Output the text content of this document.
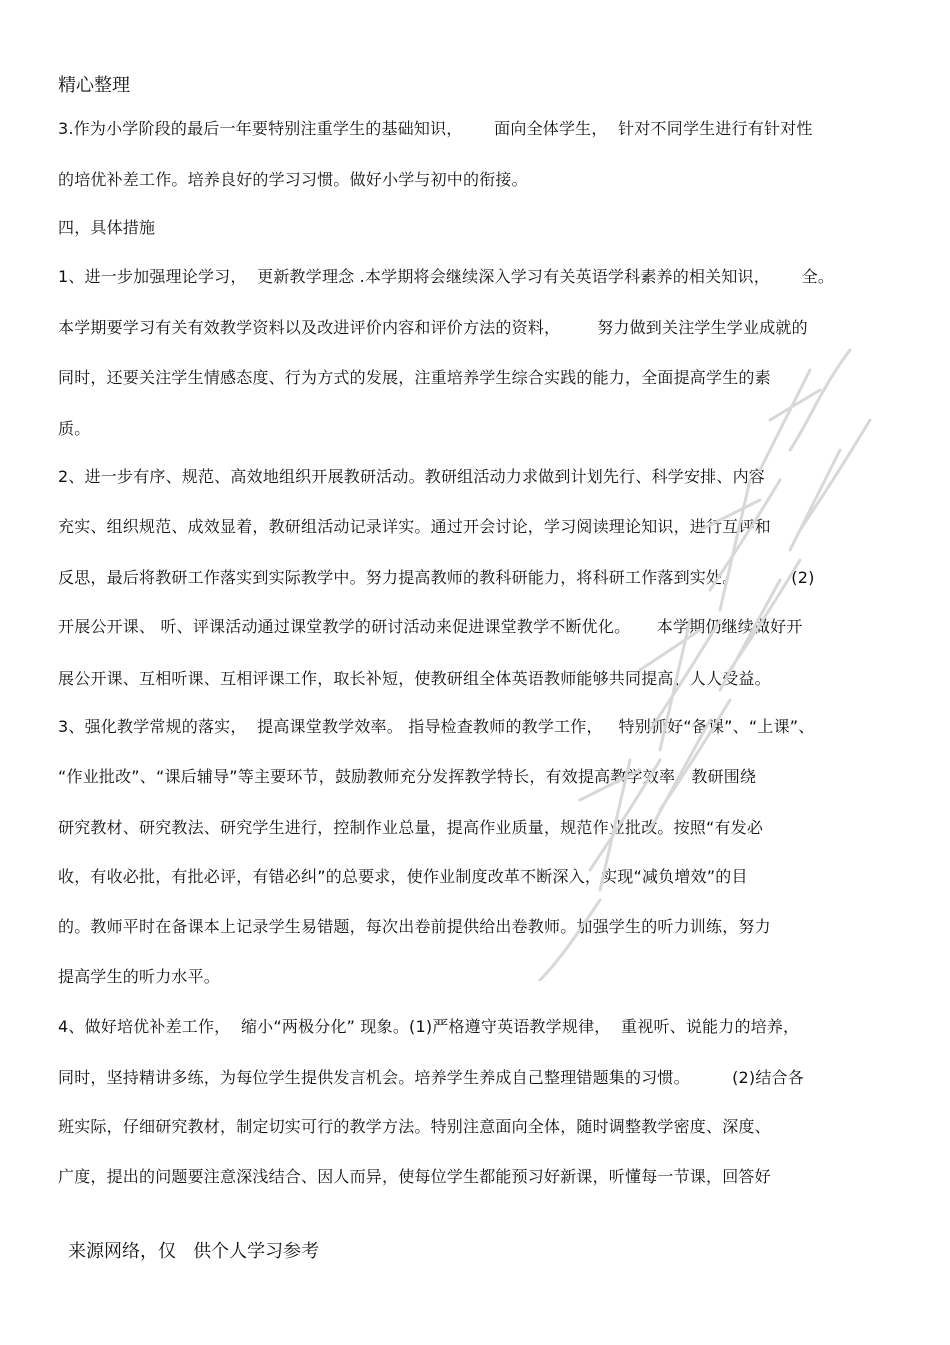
精心整理
3.作为小学阶段的最后一年要特别注重学生的基础知识，      面向全体学生，  针对不同学生进行有针对性
的培优补差工作。培养良好的学习习惯。做好小学与初中的衔接。
四，具体措施
1、进一步加强理论学习，  更新教学理念 .本学期将会继续深入学习有关英语学科素养的相关知识，      全。
本学期要学习有关有效教学资料以及改进评价内容和评价方法的资料，       努力做到关注学生学业成就的
同时，还要关注学生情感态度、行为方式的发展，注重培养学生综合实践的能力，全面提高学生的素
质。
2、进一步有序、规范、高效地组织开展教研活动。教研组活动力求做到计划先行、科学安排、内容
充实、组织规范、成效显着，教研组活动记录详实。通过开会讨论，学习阅读理论知识，进行互评和
反思，最后将教研工作落实到实际教学中。努力提高教师的教科研能力，将科研工作落到实处。          (2)
开展公开课、 听、评课活动通过课堂教学的研讨活动来促进课堂教学不断优化。     本学期仍继续做好开
展公开课、互相听课、互相评课工作，取长补短，使教研组全体英语教师能够共同提高、人人受益。
3、强化教学常规的落实，  提高课堂教学效率。 指导检查教师的教学工作，   特别抓好“备课”、“上课”、
“作业批改”、“课后辅导”等主要环节，鼓励教师充分发挥教学特长，有效提高教学效率。教研围绕
研究教材、研究教法、研究学生进行，控制作业总量，提高作业质量，规范作业批改。按照“有发必
收，有收必批，有批必评，有错必纠”的总要求，使作业制度改革不断深入，实现“减负增效”的目
的。教师平时在备课本上记录学生易错题，每次出卷前提供给出卷教师。加强学生的听力训练，努力
提高学生的听力水平。
4、做好培优补差工作，  缩小“两极分化” 现象。(1)严格遵守英语教学规律，  重视听、说能力的培养，
同时，坚持精讲多练，为每位学生提供发言机会。培养学生养成自己整理错题集的习惯。        (2)结合各
班实际，仔细研究教材，制定切实可行的教学方法。特别注意面向全体，随时调整教学密度、深度、
广度，提出的问题要注意深浅结合、因人而异，使每位学生都能预习好新课，听懂每一节课，回答好
来源网络，仅   供个人学习参考
